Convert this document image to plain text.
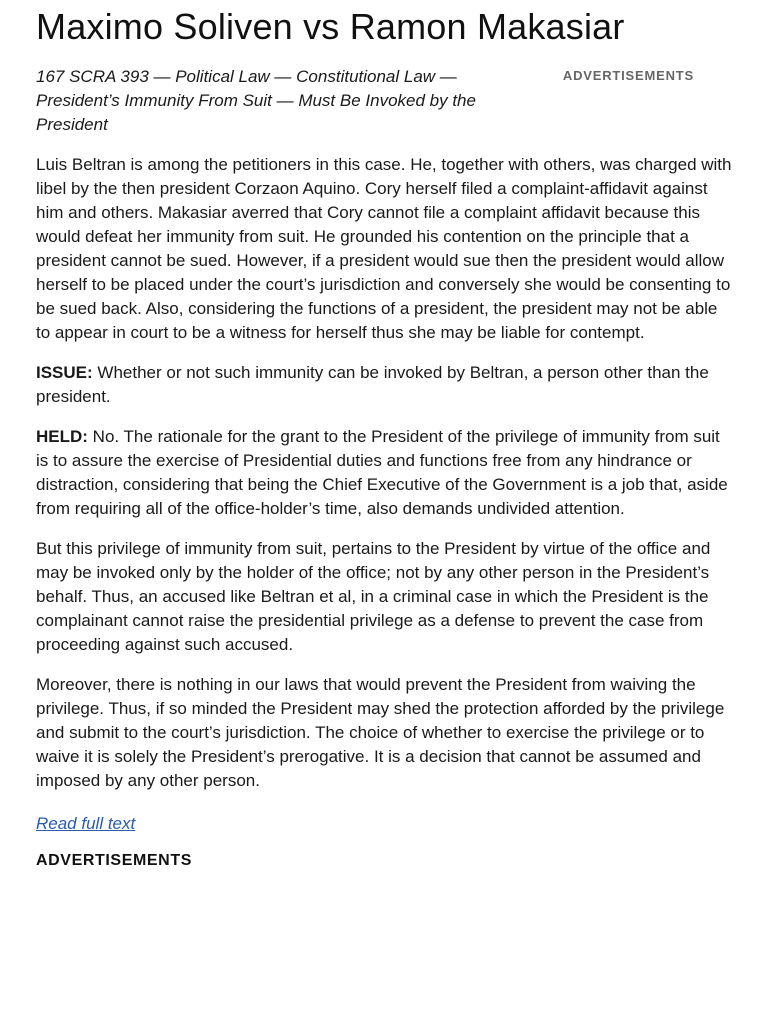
Maximo Soliven vs Ramon Makasiar

167 SCRA 393 — Political Law — Constitutional Law — President’s Immunity From Suit — Must Be Invoked by the President

ADVERTISEMENTS

Luis Beltran is among the petitioners in this case. He, together with others, was charged with libel by the then president Corzaon Aquino. Cory herself filed a complaint-affidavit against him and others. Makasiar averred that Cory cannot file a complaint affidavit because this would defeat her immunity from suit. He grounded his contention on the principle that a president cannot be sued. However, if a president would sue then the president would allow herself to be placed under the court’s jurisdiction and conversely she would be consenting to be sued back. Also, considering the functions of a president, the president may not be able to appear in court to be a witness for herself thus she may be liable for contempt.

ISSUE: Whether or not such immunity can be invoked by Beltran, a person other than the president.

HELD: No. The rationale for the grant to the President of the privilege of immunity from suit is to assure the exercise of Presidential duties and functions free from any hindrance or distraction, considering that being the Chief Executive of the Government is a job that, aside from requiring all of the office-holder’s time, also demands undivided attention.

But this privilege of immunity from suit, pertains to the President by virtue of the office and may be invoked only by the holder of the office; not by any other person in the President’s behalf. Thus, an accused like Beltran et al, in a criminal case in which the President is the complainant cannot raise the presidential privilege as a defense to prevent the case from proceeding against such accused.

Moreover, there is nothing in our laws that would prevent the President from waiving the privilege. Thus, if so minded the President may shed the protection afforded by the privilege and submit to the court’s jurisdiction. The choice of whether to exercise the privilege or to waive it is solely the President’s prerogative. It is a decision that cannot be assumed and imposed by any other person.

Read full text
ADVERTISEMENTS
